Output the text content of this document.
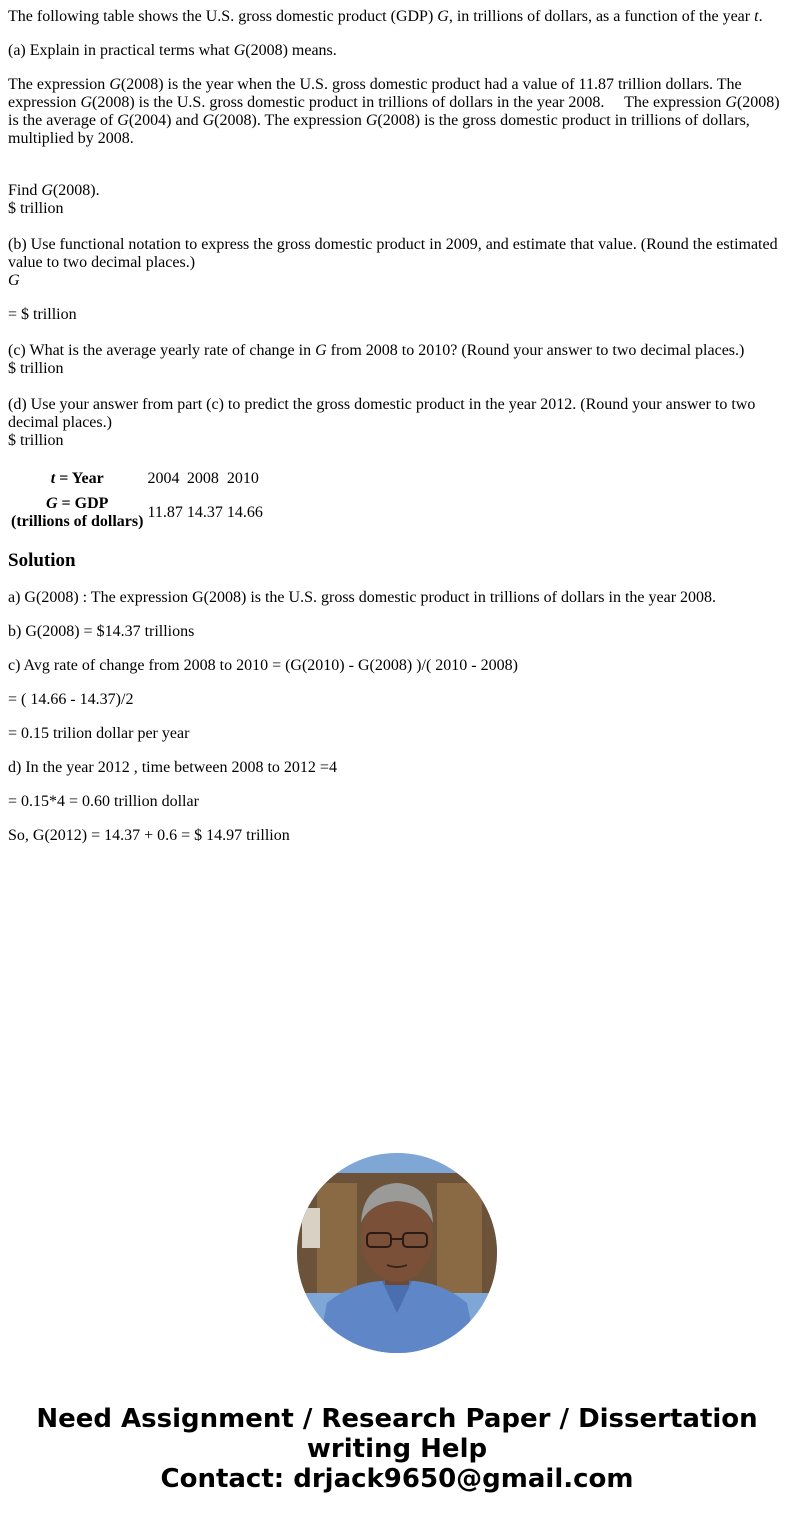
The following table shows the U.S. gross domestic product (GDP) G, in trillions of dollars, as a function of the year t.

(a) Explain in practical terms what G(2008) means.

The expression G(2008) is the year when the U.S. gross domestic product had a value of 11.87 trillion dollars. The expression G(2008) is the U.S. gross domestic product in trillions of dollars in the year 2008.     The expression G(2008) is the average of G(2004) and G(2008). The expression G(2008) is the gross domestic product in trillions of dollars, multiplied by 2008.

Find G(2008).

$ trillion

(b) Use functional notation to express the gross domestic product in 2009, and estimate that value. (Round the estimated value to two decimal places.)

G

= $ trillion

(c) What is the average yearly rate of change in G from 2008 to 2010? (Round your answer to two decimal places.)

$ trillion

(d) Use your answer from part (c) to predict the gross domestic product in the year 2012. (Round your answer to two decimal places.)

$ trillion

t = Year	2004	2008	2010
G = GDP
(trillions of dollars)	11.87	14.37	14.66
Solution

a) G(2008) : The expression G(2008) is the U.S. gross domestic product in trillions of dollars in the year 2008.

b) G(2008) = $14.37 trillions

c) Avg rate of change from 2008 to 2010 = (G(2010) - G(2008) )/( 2010 - 2008)

= ( 14.66 - 14.37)/2

= 0.15 trilion dollar per year

d) In the year 2012 , time between 2008 to 2012 =4

= 0.15*4 = 0.60 trillion dollar

So, G(2012) = 14.37 + 0.6 = $ 14.97 trillion

Need Assignment / Research Paper / Dissertation
writing Help
Contact: drjack9650@gmail.com
